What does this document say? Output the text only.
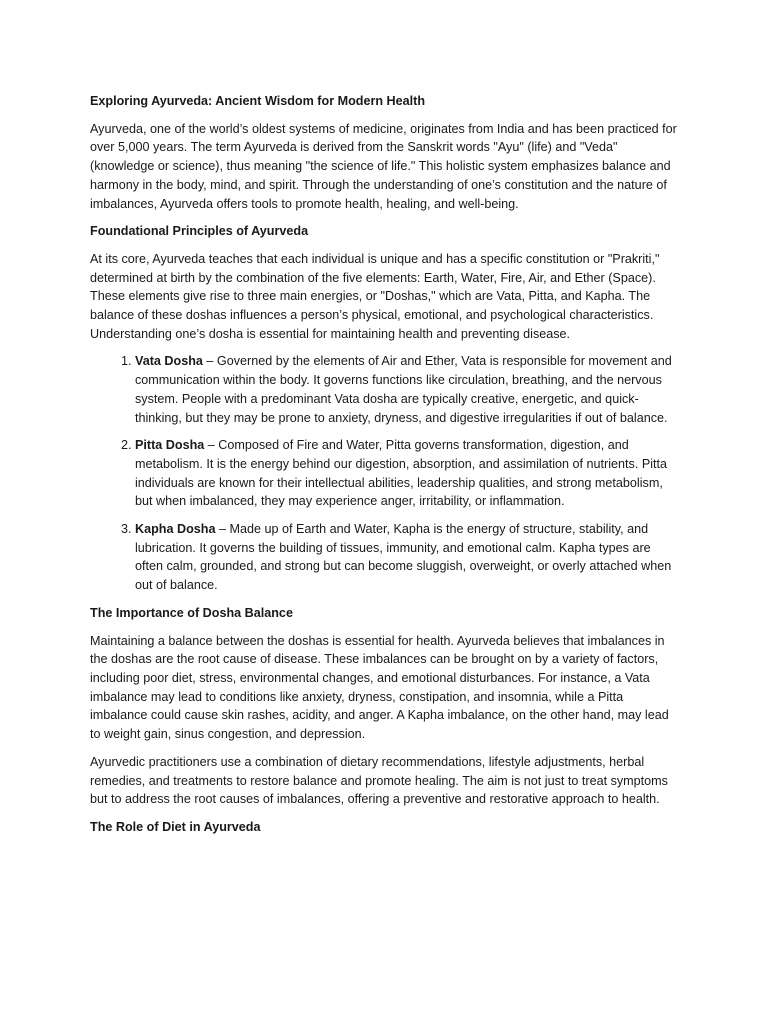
Exploring Ayurveda: Ancient Wisdom for Modern Health

Ayurveda, one of the world’s oldest systems of medicine, originates from India and has been practiced for over 5,000 years. The term Ayurveda is derived from the Sanskrit words "Ayu" (life) and "Veda" (knowledge or science), thus meaning "the science of life." This holistic system emphasizes balance and harmony in the body, mind, and spirit. Through the understanding of one’s constitution and the nature of imbalances, Ayurveda offers tools to promote health, healing, and well-being.

Foundational Principles of Ayurveda

At its core, Ayurveda teaches that each individual is unique and has a specific constitution or "Prakriti," determined at birth by the combination of the five elements: Earth, Water, Fire, Air, and Ether (Space). These elements give rise to three main energies, or "Doshas," which are Vata, Pitta, and Kapha. The balance of these doshas influences a person’s physical, emotional, and psychological characteristics. Understanding one’s dosha is essential for maintaining health and preventing disease.

1. Vata Dosha – Governed by the elements of Air and Ether, Vata is responsible for movement and communication within the body. It governs functions like circulation, breathing, and the nervous system. People with a predominant Vata dosha are typically creative, energetic, and quick-thinking, but they may be prone to anxiety, dryness, and digestive irregularities if out of balance.
2. Pitta Dosha – Composed of Fire and Water, Pitta governs transformation, digestion, and metabolism. It is the energy behind our digestion, absorption, and assimilation of nutrients. Pitta individuals are known for their intellectual abilities, leadership qualities, and strong metabolism, but when imbalanced, they may experience anger, irritability, or inflammation.
3. Kapha Dosha – Made up of Earth and Water, Kapha is the energy of structure, stability, and lubrication. It governs the building of tissues, immunity, and emotional calm. Kapha types are often calm, grounded, and strong but can become sluggish, overweight, or overly attached when out of balance.
The Importance of Dosha Balance

Maintaining a balance between the doshas is essential for health. Ayurveda believes that imbalances in the doshas are the root cause of disease. These imbalances can be brought on by a variety of factors, including poor diet, stress, environmental changes, and emotional disturbances. For instance, a Vata imbalance may lead to conditions like anxiety, dryness, constipation, and insomnia, while a Pitta imbalance could cause skin rashes, acidity, and anger. A Kapha imbalance, on the other hand, may lead to weight gain, sinus congestion, and depression.

Ayurvedic practitioners use a combination of dietary recommendations, lifestyle adjustments, herbal remedies, and treatments to restore balance and promote healing. The aim is not just to treat symptoms but to address the root causes of imbalances, offering a preventive and restorative approach to health.

The Role of Diet in Ayurveda
